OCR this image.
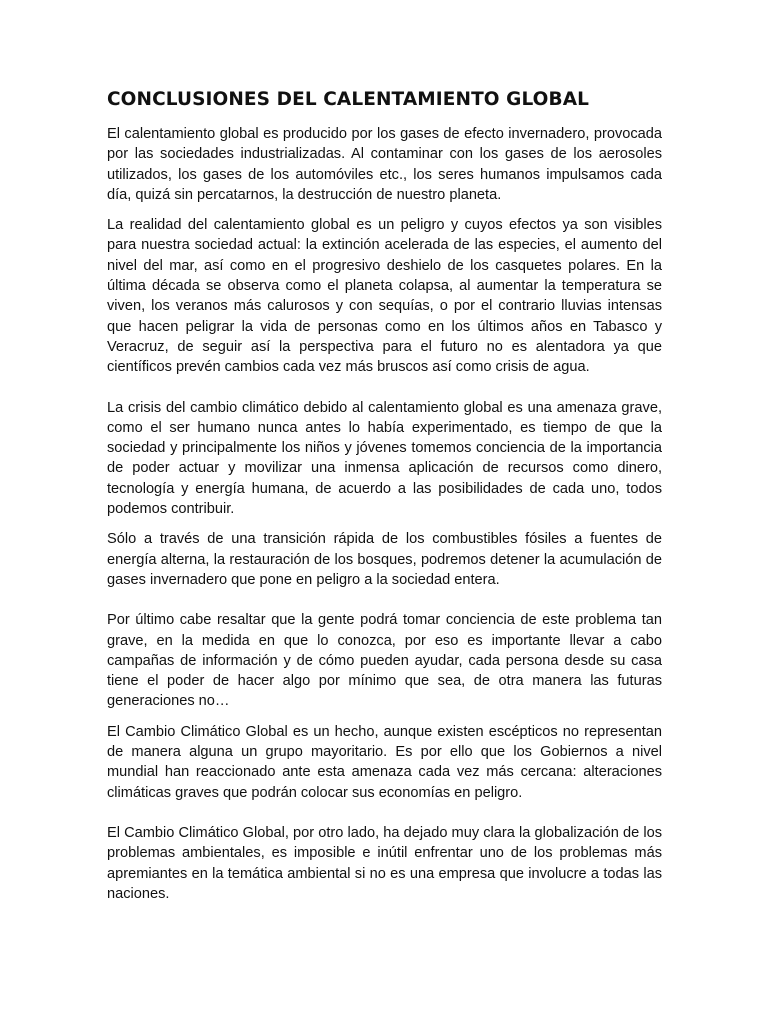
CONCLUSIONES DEL CALENTAMIENTO GLOBAL

El calentamiento global es producido por los gases de efecto invernadero, provocada por las sociedades industrializadas. Al contaminar con los gases de los aerosoles utilizados, los gases de los automóviles etc., los seres humanos impulsamos cada día, quizá sin percatarnos, la destrucción de nuestro planeta.

La realidad del calentamiento global es un peligro y cuyos efectos ya son visibles para nuestra sociedad actual: la extinción acelerada de las especies, el aumento del nivel del mar, así como en el progresivo deshielo de los casquetes polares. En la última década se observa como el planeta colapsa, al aumentar la temperatura se viven, los veranos más calurosos y con sequías, o por el contrario lluvias intensas que hacen peligrar la vida de personas como en los últimos años en Tabasco y Veracruz, de seguir así la perspectiva para el futuro no es alentadora ya que científicos prevén cambios cada vez más bruscos así como crisis de agua.

La crisis del cambio climático debido al calentamiento global es una amenaza grave, como el ser humano nunca antes lo había experimentado, es tiempo de que la sociedad y principalmente los niños y jóvenes tomemos conciencia de la importancia de poder actuar y movilizar una inmensa aplicación de recursos como dinero, tecnología y energía humana, de acuerdo a las posibilidades de cada uno, todos podemos contribuir.

Sólo a través de una transición rápida de los combustibles fósiles a fuentes de energía alterna, la restauración de los bosques, podremos detener la acumulación de gases invernadero que pone en peligro a la sociedad entera.

Por último cabe resaltar que la gente podrá tomar conciencia de este problema tan grave, en la medida en que lo conozca, por eso es importante llevar a cabo campañas de información y de cómo pueden ayudar, cada persona desde su casa tiene el poder de hacer algo por mínimo que sea, de otra manera las futuras generaciones no…

El Cambio Climático Global es un hecho, aunque existen escépticos no representan de manera alguna un grupo mayoritario. Es por ello que los Gobiernos a nivel mundial han reaccionado ante esta amenaza cada vez más cercana: alteraciones climáticas graves que podrán colocar sus economías en peligro.

El Cambio Climático Global, por otro lado, ha dejado muy clara la globalización de los problemas ambientales, es imposible e inútil enfrentar uno de los problemas más apremiantes en la temática ambiental si no es una empresa que involucre a todas las naciones.
